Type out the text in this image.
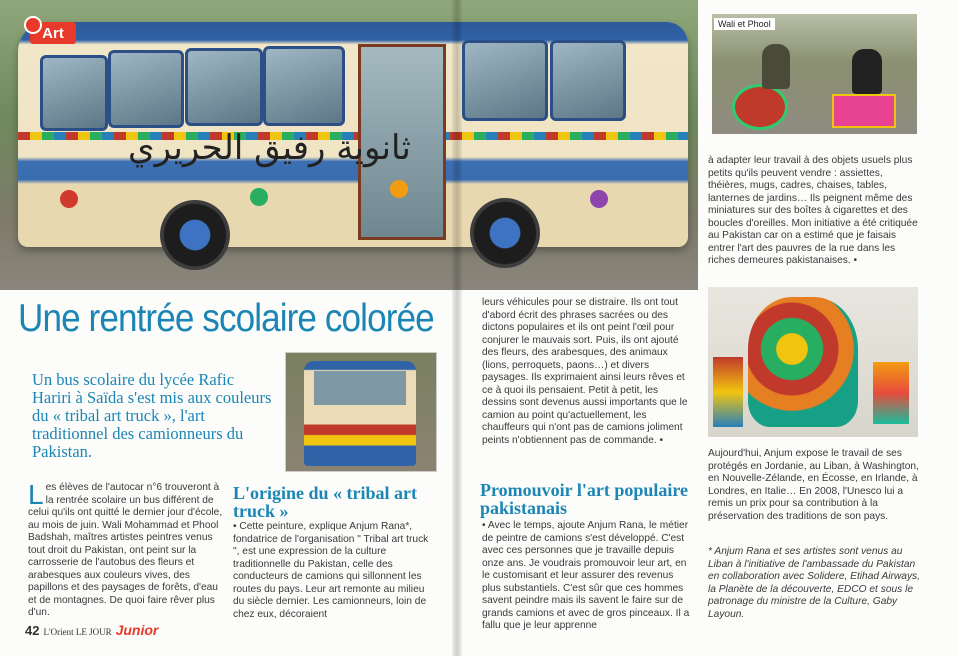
ثانوية رفيق الحريري
Art
Wali et Phool
Une rentrée scolaire colorée

Un bus scolaire du lycée Rafic Hariri à Saïda s'est mis aux couleurs du « tribal art truck », l'art traditionnel des camionneurs du Pakistan.

Les élèves de l'autocar n°6 trouveront à la rentrée scolaire un bus différent de celui qu'ils ont quitté le dernier jour d'école, au mois de juin. Wali Mohammad et Phool Badshah, maîtres artistes peintres venus tout droit du Pakistan, ont peint sur la carrosserie de l'autobus des fleurs et arabesques aux couleurs vives, des papillons et des paysages de forêts, d'eau et de montagnes. De quoi faire rêver plus d'un.

L'origine du « tribal art truck »

• Cette peinture, explique Anjum Rana*, fondatrice de l'organisation " Tribal art truck ", est une expression de la culture traditionnelle du Pakistan, celle des conducteurs de camions qui sillonnent les routes du pays. Leur art remonte au milieu du siècle dernier. Les camionneurs, loin de chez eux, décoraient

leurs véhicules pour se distraire. Ils ont tout d'abord écrit des phrases sacrées ou des dictons populaires et ils ont peint l'œil pour conjurer le mauvais sort. Puis, ils ont ajouté des fleurs, des arabesques, des animaux (lions, perroquets, paons…) et divers paysages. Ils exprimaient ainsi leurs rêves et ce à quoi ils pensaient. Petit à petit, les dessins sont devenus aussi importants que le camion au point qu'actuellement, les chauffeurs qui n'ont pas de camions joliment peints n'obtiennent pas de commande. •

Promouvoir l'art populaire pakistanais

• Avec le temps, ajoute Anjum Rana, le métier de peintre de camions s'est développé. C'est avec ces personnes que je travaille depuis onze ans. Je voudrais promouvoir leur art, en le customisant et leur assurer des revenus plus substantiels. C'est sûr que ces hommes savent peindre mais ils savent le faire sur de grands camions et avec de gros pinceaux. Il a fallu que je leur apprenne

à adapter leur travail à des objets usuels plus petits qu'ils peuvent vendre : assiettes, théières, mugs, cadres, chaises, tables, lanternes de jardins… Ils peignent même des miniatures sur des boîtes à cigarettes et des boucles d'oreilles. Mon initiative a été critiquée au Pakistan car on a estimé que je faisais entrer l'art des pauvres de la rue dans les riches demeures pakistanaises. •

Aujourd'hui, Anjum expose le travail de ses protégés en Jordanie, au Liban, à Washington, en Nouvelle-Zélande, en Écosse, en Irlande, à Londres, en Italie… En 2008, l'Unesco lui a remis un prix pour sa contribution à la préservation des traditions de son pays.

* Anjum Rana et ses artistes sont venus au Liban à l'initiative de l'ambassade du Pakistan en collaboration avec Solidere, Etihad Airways, la Planète de la découverte, EDCO et sous le patronage du ministre de la Culture, Gaby Layoun.

42 L'Orient LE JOUR Junior
